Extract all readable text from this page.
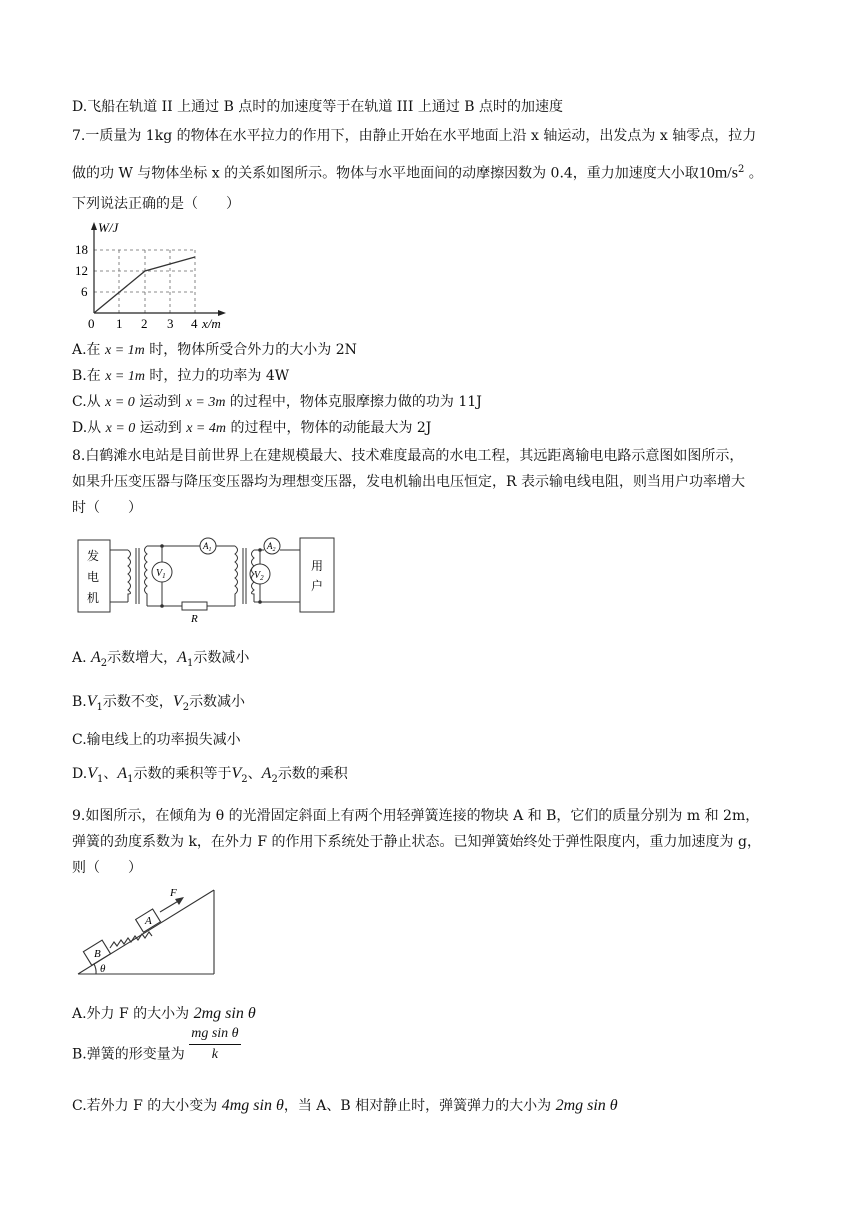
D.飞船在轨道 II 上通过 B 点时的加速度等于在轨道 III 上通过 B 点时的加速度
7.一质量为 1kg 的物体在水平拉力的作用下，由静止开始在水平地面上沿 x 轴运动，出发点为 x 轴零点，拉力
做的功 W 与物体坐标 x 的关系如图所示。物体与水平地面间的动摩擦因数为 0.4，重力加速度大小取$10m/s^2$ 。
下列说法正确的是（　　）
W/J
18
12
6
0 1 2 3 4 x/m
A.在 x = 1m 时，物体所受合外力的大小为 2N
B.在 x = 1m 时，拉力的功率为 4W
C.从 x = 0 运动到 x = 3m 的过程中，物体克服摩擦力做的功为 11J
D.从 x = 0 运动到 x = 4m 的过程中，物体的动能最大为 2J
8.白鹤滩水电站是目前世界上在建规模最大、技术难度最高的水电工程，其远距离输电电路示意图如图所示，
如果升压变压器与降压变压器均为理想变压器，发电机输出电压恒定，R 表示输电线电阻，则当用户功率增大
时（　　）
发
电
机
用
户
R
$V_1$
$A_1$	$A_2$
$V_2$
A. $A_2$示数增大，$A_1$示数减小
$B.V_1$示数不变，$V_2$示数减小
C.输电线上的功率损失减小
$D.V_1$、$A_1$示数的乘积等于$V_2$、$A_2$示数的乘积
9.如图所示，在倾角为 θ 的光滑固定斜面上有两个用轻弹簧连接的物块 A 和 B，它们的质量分别为 m 和 2m，
弹簧的劲度系数为 k，在外力 F 的作用下系统处于静止状态。已知弹簧始终处于弹性限度内，重力加速度为 g，
则（　　）
F
A
B
θ
A.外力 F 的大小为 2mg sin θ
B.弹簧的形变量为 $\frac{\text{mg sin θ}}{k}$
C.若外力 F 的大小变为 4mg sin θ，当 A、B 相对静止时，弹簧弹力的大小为 2mg sin θ
